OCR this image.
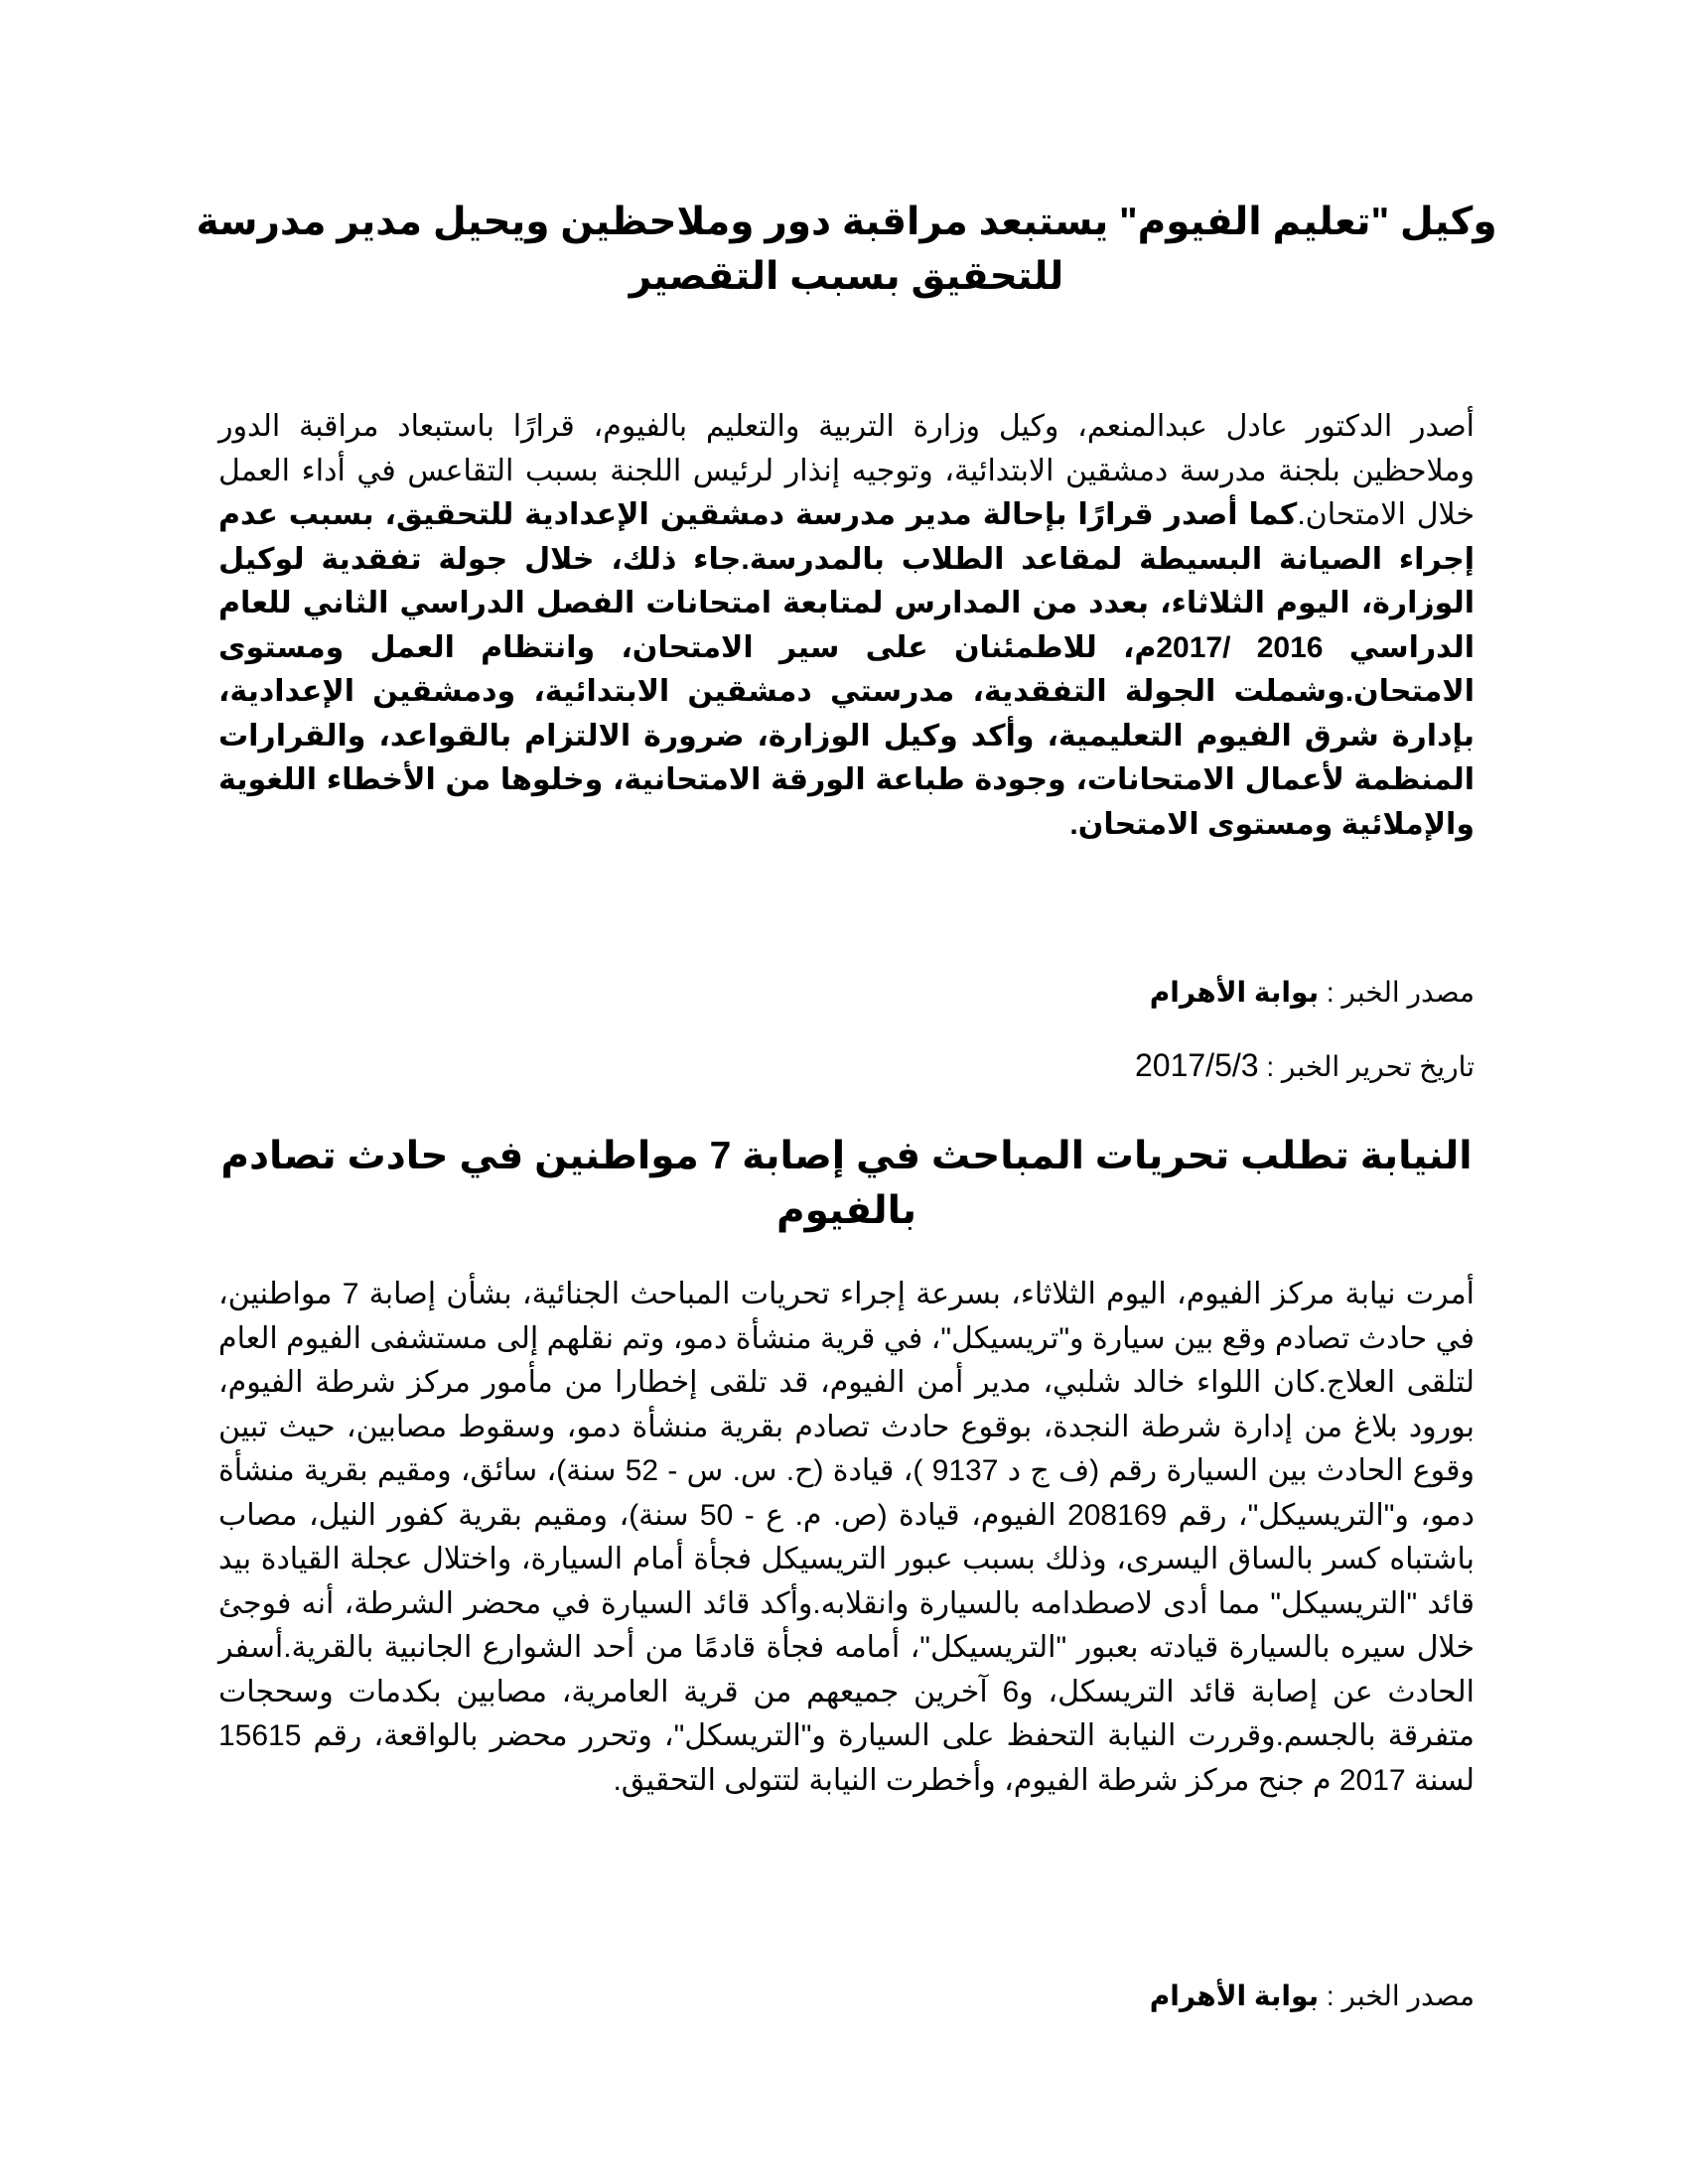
وكيل "تعليم الفيوم" يستبعد مراقبة دور وملاحظين ويحيل مدير مدرسة للتحقيق بسبب التقصير

أصدر الدكتور عادل عبدالمنعم، وكيل وزارة التربية والتعليم بالفيوم، قرارًا باستبعاد مراقبة الدور وملاحظين بلجنة مدرسة دمشقين الابتدائية، وتوجيه إنذار لرئيس اللجنة بسبب التقاعس في أداء العمل خلال الامتحان.كما أصدر قرارًا بإحالة مدير مدرسة دمشقين الإعدادية للتحقيق، بسبب عدم إجراء الصيانة البسيطة لمقاعد الطلاب بالمدرسة.جاء ذلك، خلال جولة تفقدية لوكيل الوزارة، اليوم الثلاثاء، بعدد من المدارس لمتابعة امتحانات الفصل الدراسي الثاني للعام الدراسي 2016 /2017م، للاطمئنان على سير الامتحان، وانتظام العمل ومستوى الامتحان.وشملت الجولة التفقدية، مدرستي دمشقين الابتدائية، ودمشقين الإعدادية، بإدارة شرق الفيوم التعليمية، وأكد وكيل الوزارة، ضرورة الالتزام بالقواعد، والقرارات المنظمة لأعمال الامتحانات، وجودة طباعة الورقة الامتحانية، وخلوها من الأخطاء اللغوية والإملائية ومستوى الامتحان.

مصدر الخبر : بوابة الأهرام

تاريخ تحرير الخبر : 2017/5/3

النيابة تطلب تحريات المباحث في إصابة 7 مواطنين في حادث تصادم بالفيوم

أمرت نيابة مركز الفيوم، اليوم الثلاثاء، بسرعة إجراء تحريات المباحث الجنائية، بشأن إصابة 7 مواطنين، في حادث تصادم وقع بين سيارة و"تريسيكل"، في قرية منشأة دمو، وتم نقلهم إلى مستشفى الفيوم العام لتلقى العلاج.كان اللواء خالد شلبي، مدير أمن الفيوم، قد تلقى إخطارا من مأمور مركز شرطة الفيوم، بورود بلاغ من إدارة شرطة النجدة، بوقوع حادث تصادم بقرية منشأة دمو، وسقوط مصابين، حيث تبين وقوع الحادث بين السيارة رقم (ف ج د 9137 )، قيادة (ح. س. س - 52 سنة)، سائق، ومقيم بقرية منشأة دمو، و"التريسيكل"، رقم 208169 الفيوم، قيادة (ص. م. ع - 50 سنة)، ومقيم بقرية كفور النيل، مصاب باشتباه كسر بالساق اليسرى، وذلك بسبب عبور التريسيكل فجأة أمام السيارة، واختلال عجلة القيادة بيد قائد "التريسيكل" مما أدى لاصطدامه بالسيارة وانقلابه.وأكد قائد السيارة في محضر الشرطة، أنه فوجئ خلال سيره بالسيارة قيادته بعبور "التريسيكل"، أمامه فجأة قادمًا من أحد الشوارع الجانبية بالقرية.أسفر الحادث عن إصابة قائد التريسكل، و6 آخرين جميعهم من قرية العامرية، مصابين بكدمات وسحجات متفرقة بالجسم.وقررت النيابة التحفظ على السيارة و"التريسكل"، وتحرر محضر بالواقعة، رقم 15615 لسنة 2017 م جنح مركز شرطة الفيوم، وأخطرت النيابة لتتولى التحقيق.

مصدر الخبر : بوابة الأهرام
